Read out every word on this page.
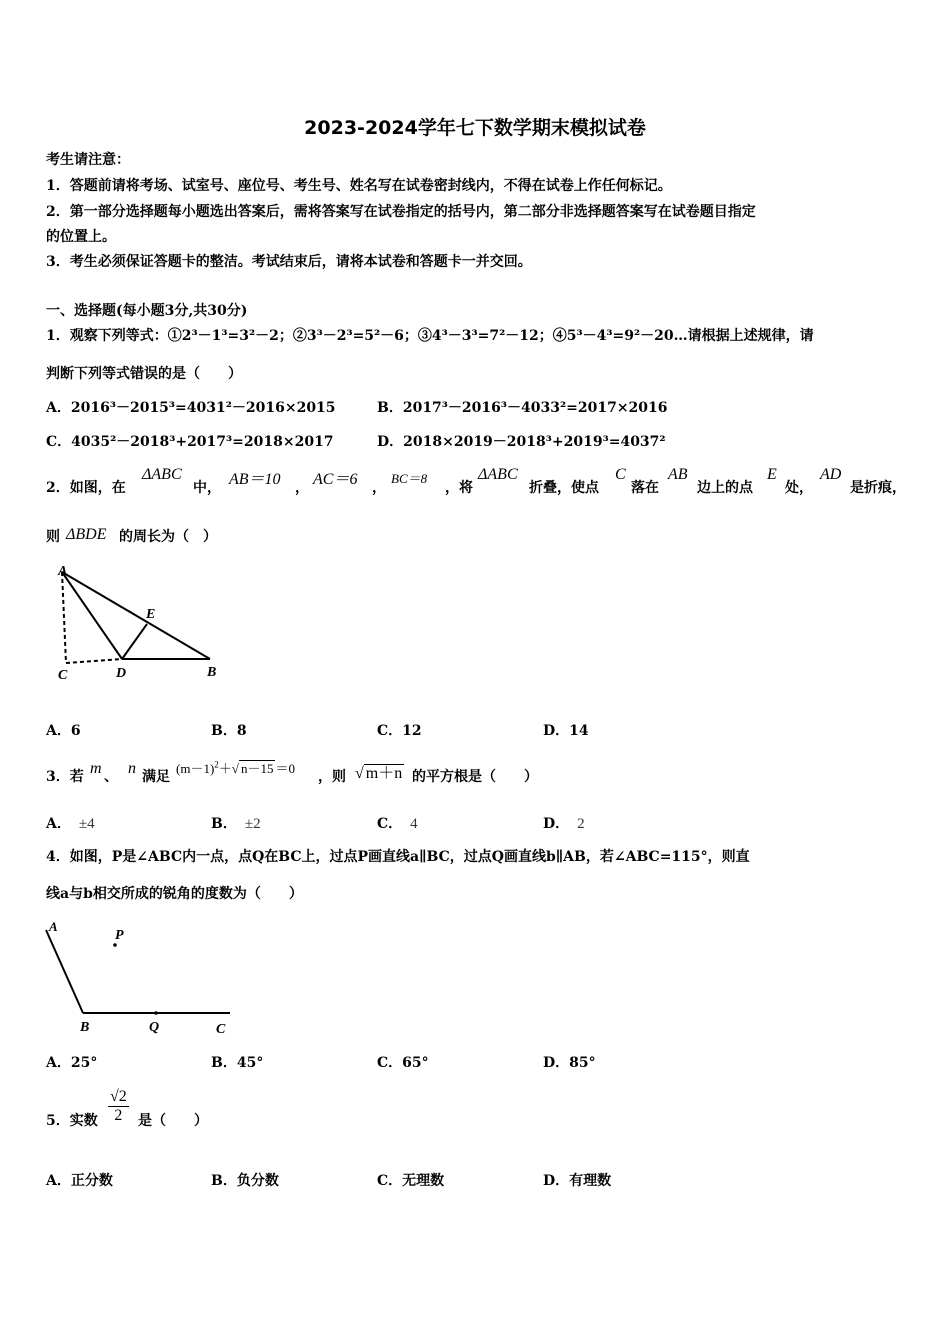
2023-2024学年七下数学期末模拟试卷
考生请注意：
1．答题前请将考场、试室号、座位号、考生号、姓名写在试卷密封线内，不得在试卷上作任何标记。
2．第一部分选择题每小题选出答案后，需将答案写在试卷指定的括号内，第二部分非选择题答案写在试卷题目指定
的位置上。
3．考生必须保证答题卡的整洁。考试结束后，请将本试卷和答题卡一并交回。
一、选择题(每小题3分,共30分)
1．观察下列等式：①2³－1³=3²－2；②3³－2³=5²－6；③4³－3³=7²－12；④5³－4³=9²－20…请根据上述规律，请
判断下列等式错误的是（　　）
A．2016³－2015³=4031²－2016×2015	B．2017³－2016³－4033²=2017×2016
C．4035²－2018³+2017³=2018×2017	D．2018×2019－2018³+2019³=4037²
2．如图，在
ΔABC
中， AB＝10 ， AC＝6 ，
BC＝8
，将
ΔABC
折叠，使点
C
落在
AB
边上的点
E
处，
AD
是折痕，
则 ΔBDE 的周长为（　）
A
E
C	D	B
A．6	B．8	C．12	D．14
3．若 m 、 n 满足
$(m-1)^2+√$ n－15 ＝0
，则 √ m＋n 的平方根是（　　）
A． ±4	B． ±2	C． 4	D． 2
4．如图，P是∠ABC内一点，点Q在BC上，过点P画直线a∥BC，过点Q画直线b∥AB，若∠ABC=115°，则直
线a与b相交所成的锐角的度数为（　　）
A
P
B	Q	C
A．25°	B．45°	C．65°	D．85°
5．实数 $\frac{√2}{2}$ 是（　　）
A．正分数	B．负分数	C．无理数	D．有理数
